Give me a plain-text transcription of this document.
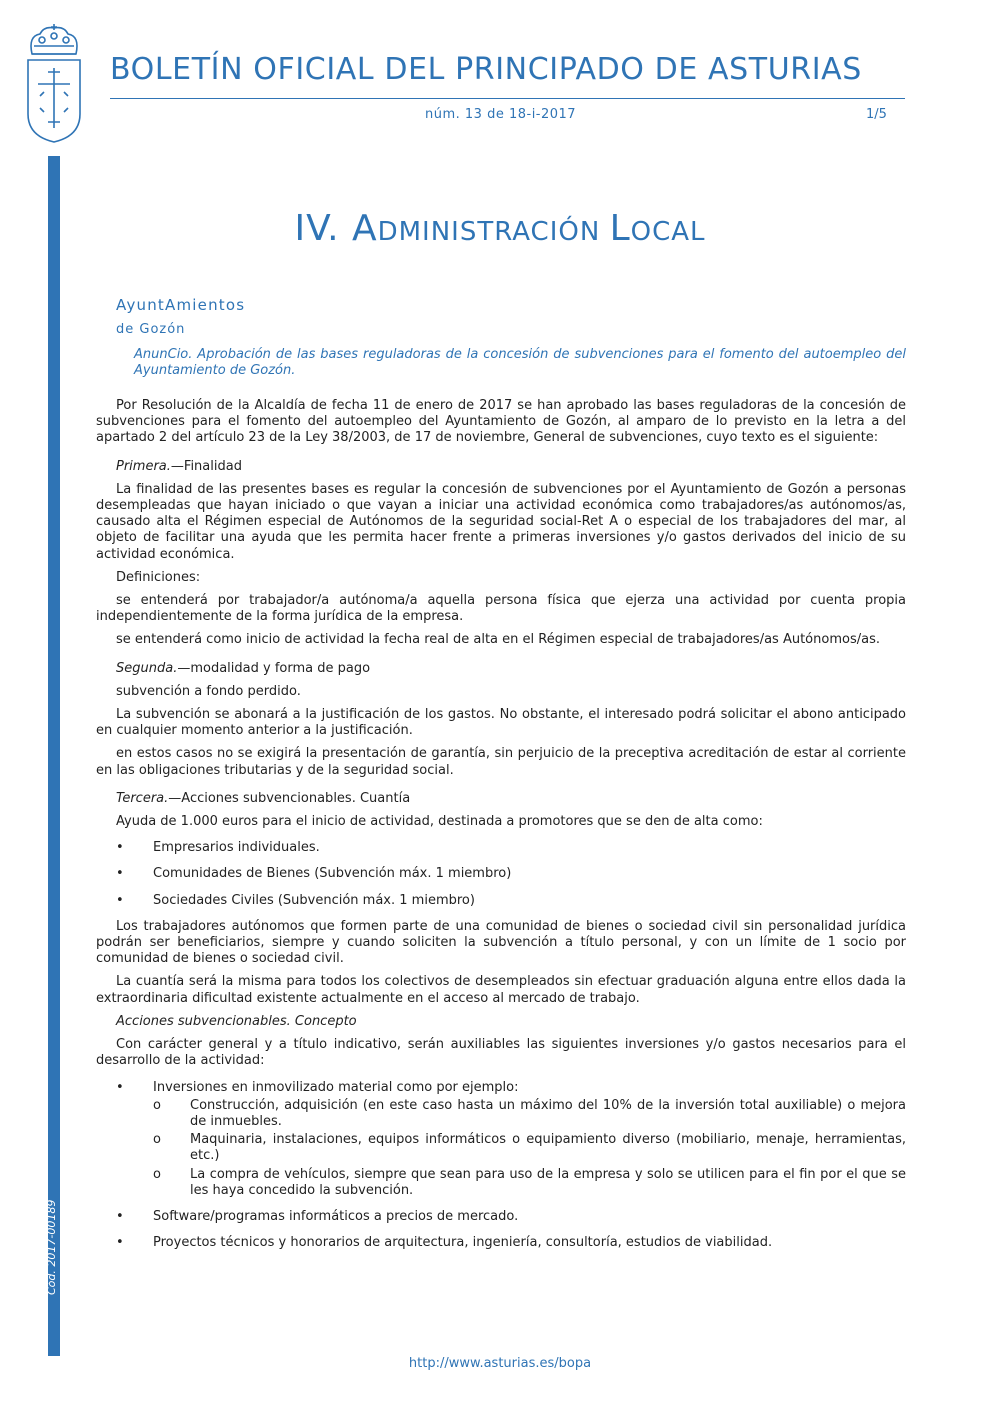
Cód. 2017-00189
BOLETÍN OFICIAL DEL PRINCIPADO DE ASTURIAS
núm. 13 de 18-i-2017	1/5
IV. ADMINISTRACIÓN LOCAL
AyuntAmientos
de Gozón
AnunCio. Aprobación de las bases reguladoras de la concesión de subvenciones para el fomento del autoempleo del Ayuntamiento de Gozón.

Por Resolución de la Alcaldía de fecha 11 de enero de 2017 se han aprobado las bases reguladoras de la concesión de subvenciones para el fomento del autoempleo del Ayuntamiento de Gozón, al amparo de lo previsto en la letra a del apartado 2 del artículo 23 de la Ley 38/2003, de 17 de noviembre, General de subvenciones, cuyo texto es el siguiente:

Primera.—Finalidad

La finalidad de las presentes bases es regular la concesión de subvenciones por el Ayuntamiento de Gozón a personas desempleadas que hayan iniciado o que vayan a iniciar una actividad económica como trabajadores/as autónomos/as, causado alta el Régimen especial de Autónomos de la seguridad social-Ret A o especial de los trabajadores del mar, al objeto de facilitar una ayuda que les permita hacer frente a primeras inversiones y/o gastos derivados del inicio de su actividad económica.

Definiciones:

se entenderá por trabajador/a autónoma/a aquella persona física que ejerza una actividad por cuenta propia independientemente de la forma jurídica de la empresa.

se entenderá como inicio de actividad la fecha real de alta en el Régimen especial de trabajadores/as Autónomos/as.

Segunda.—modalidad y forma de pago

subvención a fondo perdido.

La subvención se abonará a la justificación de los gastos. No obstante, el interesado podrá solicitar el abono anticipado en cualquier momento anterior a la justificación.

en estos casos no se exigirá la presentación de garantía, sin perjuicio de la preceptiva acreditación de estar al corriente en las obligaciones tributarias y de la seguridad social.

Tercera.—Acciones subvencionables. Cuantía

Ayuda de 1.000 euros para el inicio de actividad, destinada a promotores que se den de alta como:

• Empresarios individuales.
• Comunidades de Bienes (Subvención máx. 1 miembro)
• Sociedades Civiles (Subvención máx. 1 miembro)

Los trabajadores autónomos que formen parte de una comunidad de bienes o sociedad civil sin personalidad jurídica podrán ser beneficiarios, siempre y cuando soliciten la subvención a título personal, y con un límite de 1 socio por comunidad de bienes o sociedad civil.

La cuantía será la misma para todos los colectivos de desempleados sin efectuar graduación alguna entre ellos dada la extraordinaria dificultad existente actualmente en el acceso al mercado de trabajo.

Acciones subvencionables. Concepto

Con carácter general y a título indicativo, serán auxiliables las siguientes inversiones y/o gastos necesarios para el desarrollo de la actividad:

• Inversiones en inmovilizado material como por ejemplo:
o Construcción, adquisición (en este caso hasta un máximo del 10% de la inversión total auxiliable) o mejora de inmuebles.
o Maquinaria, instalaciones, equipos informáticos o equipamiento diverso (mobiliario, menaje, herramientas, etc.)
o La compra de vehículos, siempre que sean para uso de la empresa y solo se utilicen para el fin por el que se les haya concedido la subvención.
• Software/programas informáticos a precios de mercado.
• Proyectos técnicos y honorarios de arquitectura, ingeniería, consultoría, estudios de viabilidad.
http://www.asturias.es/bopa
